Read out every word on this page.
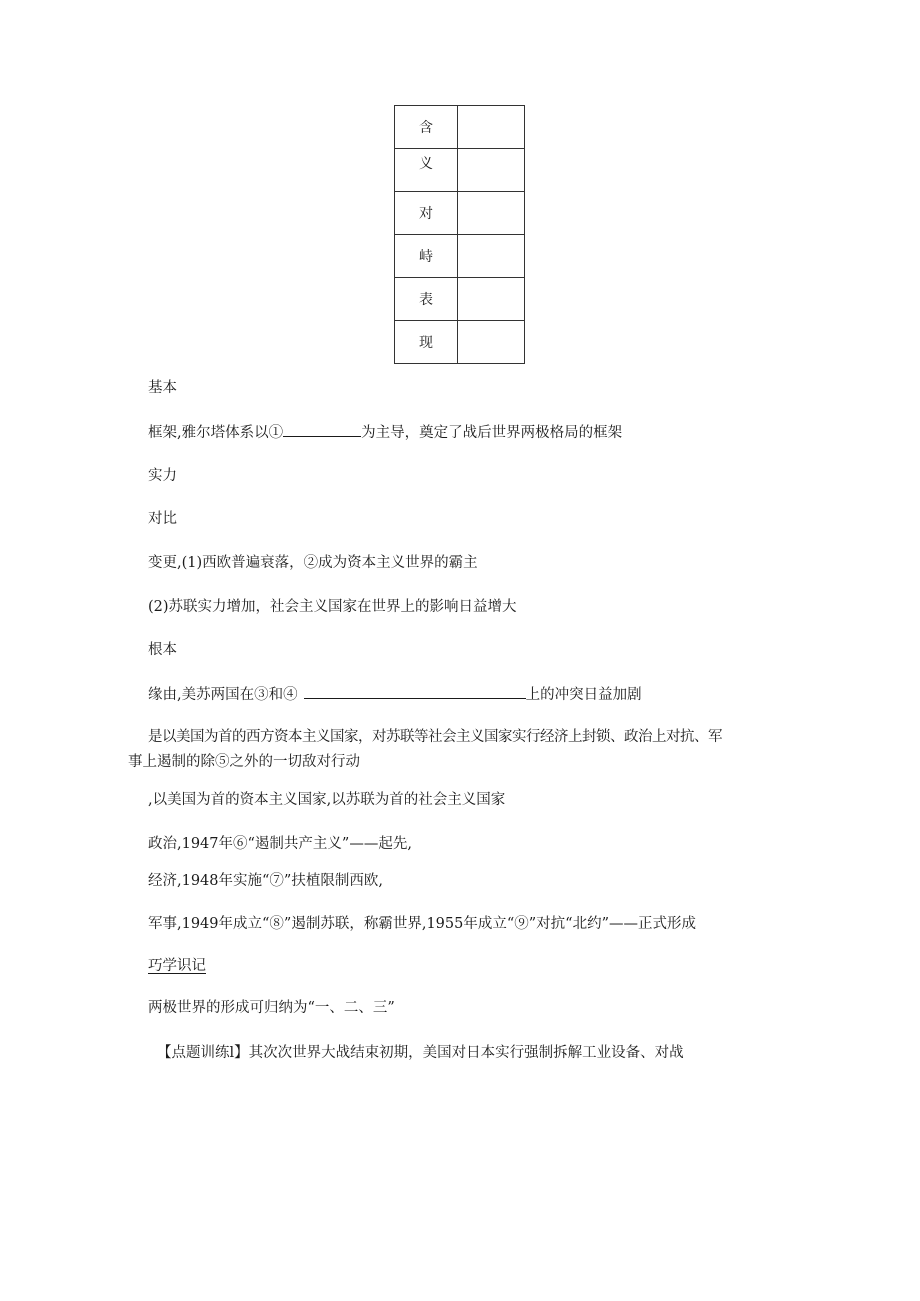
含	
义	
对	
峙	
表	
现	
基本
框架,雅尔塔体系以①	为主导，奠定了战后世界两极格局的框架
实力
对比
变更,(1)西欧普遍衰落，②成为资本主义世界的霸主
(2)苏联实力增加，社会主义国家在世界上的影响日益增大
根本
缘由,美苏两国在③和④	上的冲突日益加剧
是以美国为首的西方资本主义国家，对苏联等社会主义国家实行经济上封锁、政治上对抗、军
事上遏制的除⑤之外的一切敌对行动
,以美国为首的资本主义国家,以苏联为首的社会主义国家
政治,1947年⑥“遏制共产主义”——起先,
经济,1948年实施“⑦”扶植限制西欧,
军事,1949年成立“⑧”遏制苏联，称霸世界,1955年成立“⑨”对抗“北约”——正式形成
巧学识记
两极世界的形成可归纳为“一、二、三”
【点题训练l】其次次世界大战结束初期，美国对日本实行强制拆解工业设备、对战
